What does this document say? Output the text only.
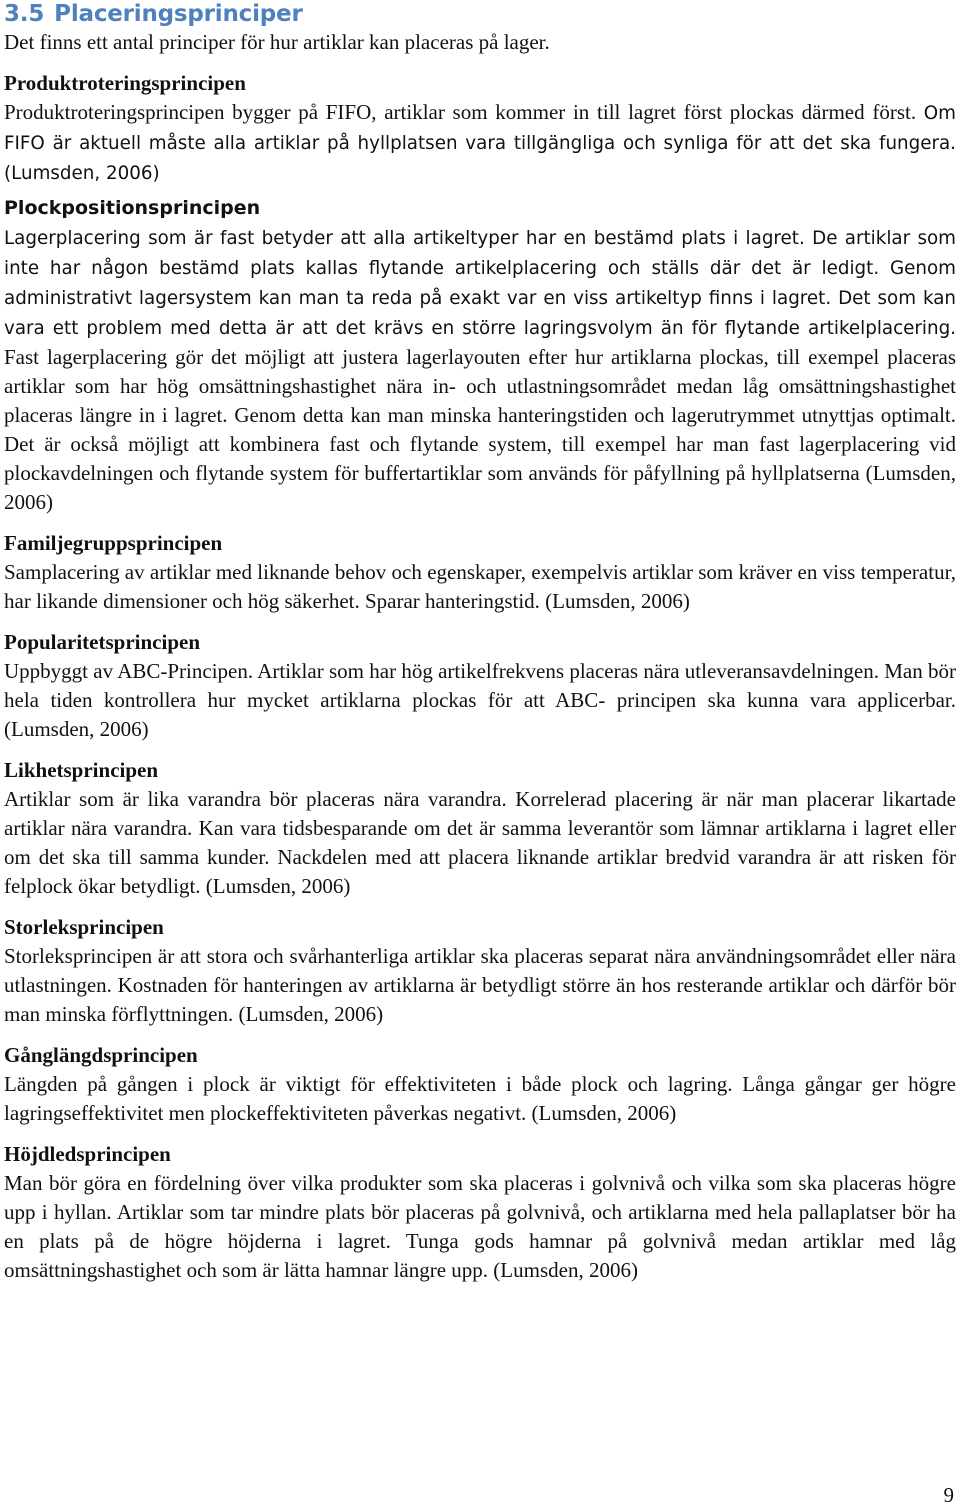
3.5 Placeringsprinciper

Det finns ett antal principer för hur artiklar kan placeras på lager.

Produktroteringsprincipen

Produktroteringsprincipen bygger på FIFO, artiklar som kommer in till lagret först plockas därmed först. Om FIFO är aktuell måste alla artiklar på hyllplatsen vara tillgängliga och synliga för att det ska fungera. (Lumsden, 2006)

Plockpositionsprincipen

Lagerplacering som är fast betyder att alla artikeltyper har en bestämd plats i lagret. De artiklar som inte har någon bestämd plats kallas flytande artikelplacering och ställs där det är ledigt. Genom administrativt lagersystem kan man ta reda på exakt var en viss artikeltyp finns i lagret. Det som kan vara ett problem med detta är att det krävs en större lagringsvolym än för flytande artikelplacering. Fast lagerplacering gör det möjligt att justera lagerlayouten efter hur artiklarna plockas, till exempel placeras artiklar som har hög omsättningshastighet nära in- och utlastningsområdet medan låg omsättningshastighet placeras längre in i lagret. Genom detta kan man minska hanteringstiden och lagerutrymmet utnyttjas optimalt. Det är också möjligt att kombinera fast och flytande system, till exempel har man fast lagerplacering vid plockavdelningen och flytande system för buffertartiklar som används för påfyllning på hyllplatserna (Lumsden, 2006)

Familjegruppsprincipen

Samplacering av artiklar med liknande behov och egenskaper, exempelvis artiklar som kräver en viss temperatur, har likande dimensioner och hög säkerhet. Sparar hanteringstid. (Lumsden, 2006)

Popularitetsprincipen

Uppbyggt av ABC-Principen. Artiklar som har hög artikelfrekvens placeras nära utleveransavdelningen. Man bör hela tiden kontrollera hur mycket artiklarna plockas för att ABC- principen ska kunna vara applicerbar. (Lumsden, 2006)

Likhetsprincipen

Artiklar som är lika varandra bör placeras nära varandra. Korrelerad placering är när man placerar likartade artiklar nära varandra. Kan vara tidsbesparande om det är samma leverantör som lämnar artiklarna i lagret eller om det ska till samma kunder. Nackdelen med att placera liknande artiklar bredvid varandra är att risken för felplock ökar betydligt. (Lumsden, 2006)

Storleksprincipen

Storleksprincipen är att stora och svårhanterliga artiklar ska placeras separat nära användningsområdet eller nära utlastningen. Kostnaden för hanteringen av artiklarna är betydligt större än hos resterande artiklar och därför bör man minska förflyttningen. (Lumsden, 2006)

Gånglängdsprincipen

Längden på gången i plock är viktigt för effektiviteten i både plock och lagring. Långa gångar ger högre lagringseffektivitet men plockeffektiviteten påverkas negativt. (Lumsden, 2006)

Höjdledsprincipen

Man bör göra en fördelning över vilka produkter som ska placeras i golvnivå och vilka som ska placeras högre upp i hyllan. Artiklar som tar mindre plats bör placeras på golvnivå, och artiklarna med hela pallaplatser bör ha en plats på de högre höjderna i lagret. Tunga gods hamnar på golvnivå medan artiklar med låg omsättningshastighet och som är lätta hamnar längre upp. (Lumsden, 2006)

9
